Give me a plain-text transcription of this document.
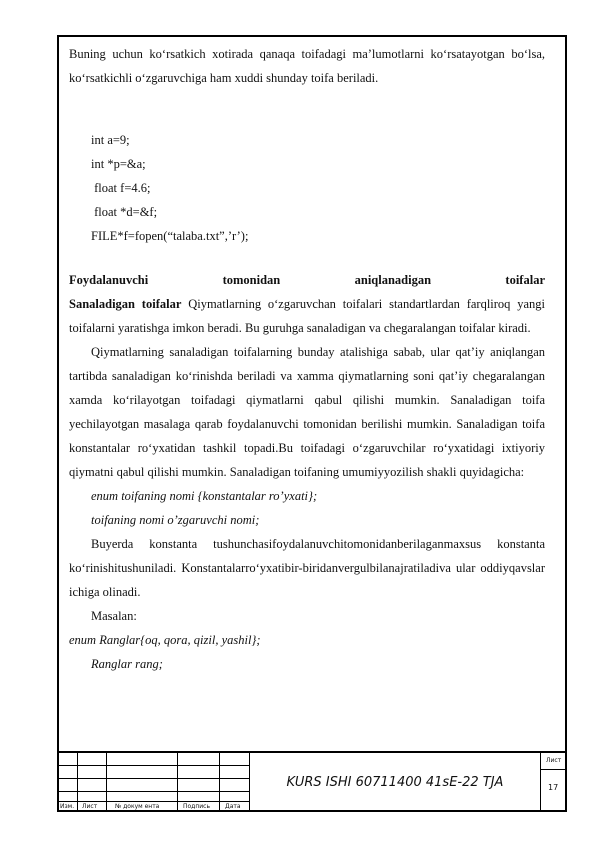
Buning uchun ko‘rsatkich xotirada qanaqa toifadagi ma’lumotlarni ko‘rsatayotgan bo‘lsa, ko‘rsatkichli o‘zgaruvchiga ham xuddi shunday toifa beriladi.

int a=9;

int *p=&a;

float f=4.6;

float *d=&f;

FILE*f=fopen(“talaba.txt”,’r’);

Foydalanuvchi tomonidan aniqlanadigan toifalar

Sanaladigan toifalar Qiymatlarning o‘zgaruvchan toifalari standartlardan farqliroq yangi toifalarni yaratishga imkon beradi. Bu guruhga sanaladigan va chegaralangan toifalar kiradi.

Qiymatlarning sanaladigan toifalarning bunday atalishiga sabab, ular qat’iy aniqlangan tartibda sanaladigan ko‘rinishda beriladi va xamma qiymatlarning soni qat’iy chegaralangan xamda ko‘rilayotgan toifadagi qiymatlarni qabul qilishi mumkin. Sanaladigan toifa yechilayotgan masalaga qarab foydalanuvchi tomonidan berilishi mumkin. Sanaladigan toifa konstantalar ro‘yxatidan tashkil topadi.Bu toifadagi o‘zgaruvchilar ro‘yxatidagi ixtiyoriy qiymatni qabul qilishi mumkin. Sanaladigan toifaning umumiyyozilish shakli quyidagicha:

enum toifaning nomi {konstantalar ro’yxati};

toifaning nomi o’zgaruvchi nomi;

Buyerda konstanta tushunchasifoydalanuvchitomonidanberilaganmaxsus konstanta ko‘rinishitushuniladi. Konstantalarro‘yxatibir-biridanvergulbilanajratiladiva ular oddiyqavslar ichiga olinadi.

Masalan:

enum Ranglar{oq, qora, qizil, yashil};

Ranglar rang;

Изм. Лист	№ докум ента	Подпись	Дата
KURS ISHI 60711400 41sE-22 TJA
Лист
17
